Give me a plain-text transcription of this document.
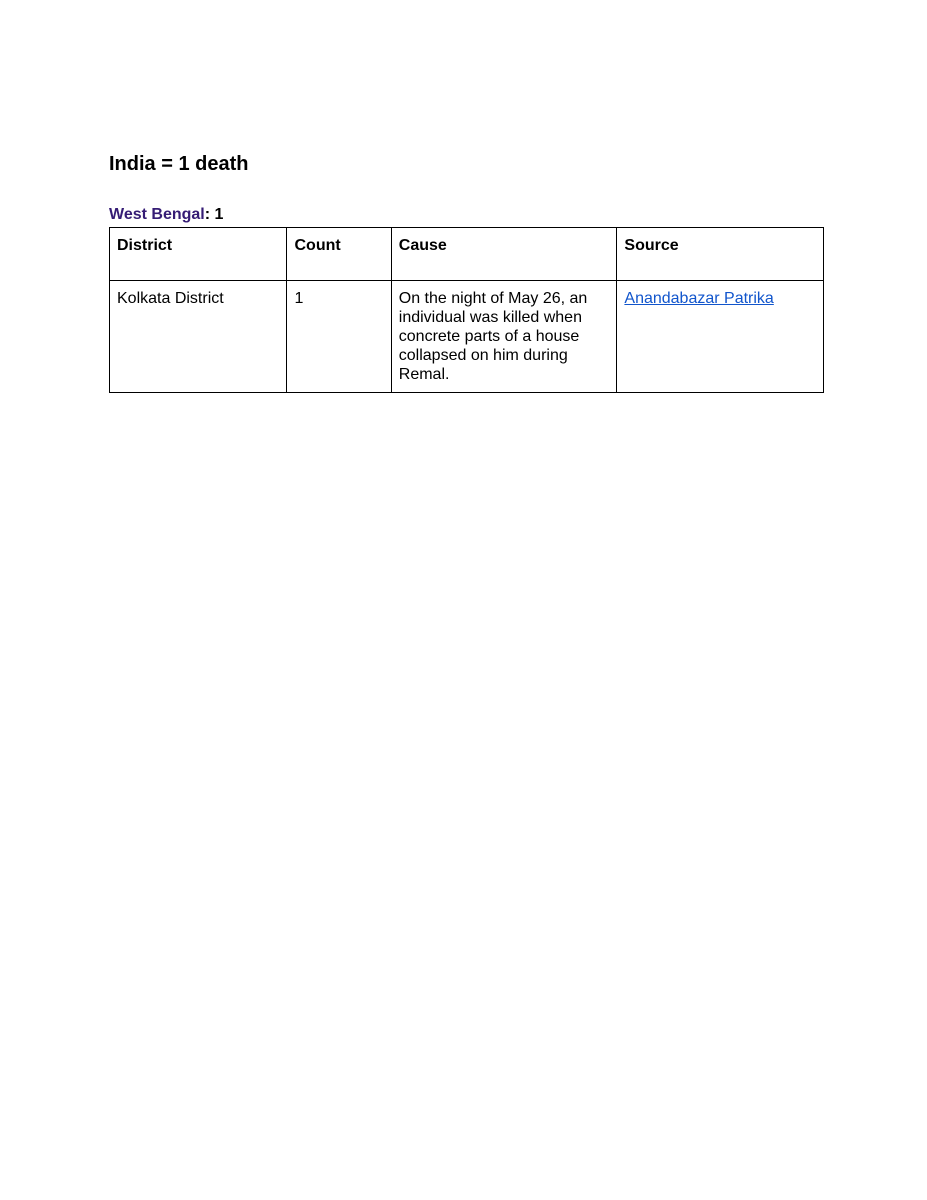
India = 1 death
West Bengal: 1
District	Count	Cause	Source
Kolkata District	1	On the night of May 26, an individual was killed when concrete parts of a house collapsed on him during Remal.	Anandabazar Patrika
